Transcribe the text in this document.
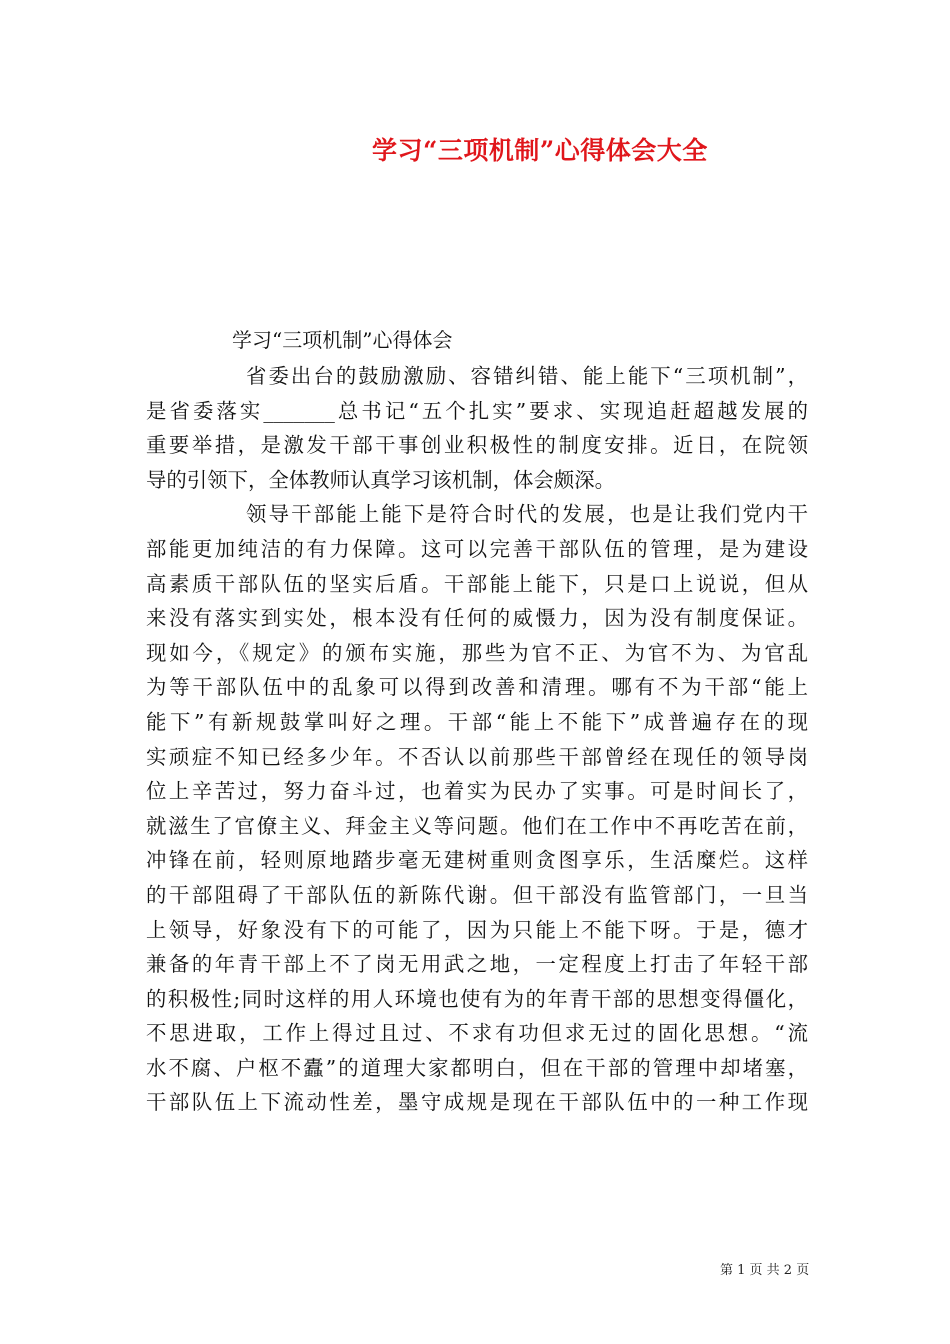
学习“三项机制”心得体会大全
学习“三项机制”心得体会
省委出台的鼓励激励、容错纠错、能上能下“三项机制”，
是省委落实_______总书记“五个扎实”要求、实现追赶超越发展的
重要举措，是激发干部干事创业积极性的制度安排。近日，在院领
导的引领下，全体教师认真学习该机制，体会颇深。
领导干部能上能下是符合时代的发展，也是让我们党内干
部能更加纯洁的有力保障。这可以完善干部队伍的管理，是为建设
高素质干部队伍的坚实后盾。干部能上能下，只是口上说说，但从
来没有落实到实处，根本没有任何的威慑力，因为没有制度保证。
现如今，《规定》的颁布实施，那些为官不正、为官不为、为官乱
为等干部队伍中的乱象可以得到改善和清理。哪有不为干部“能上
能下”有新规鼓掌叫好之理。干部“能上不能下”成普遍存在的现
实顽症不知已经多少年。不否认以前那些干部曾经在现任的领导岗
位上辛苦过，努力奋斗过，也着实为民办了实事。可是时间长了，
就滋生了官僚主义、拜金主义等问题。他们在工作中不再吃苦在前，
冲锋在前，轻则原地踏步毫无建树重则贪图享乐，生活糜烂。这样
的干部阻碍了干部队伍的新陈代谢。但干部没有监管部门，一旦当
上领导，好象没有下的可能了，因为只能上不能下呀。于是，德才
兼备的年青干部上不了岗无用武之地，一定程度上打击了年轻干部
的积极性;同时这样的用人环境也使有为的年青干部的思想变得僵化，
不思进取，工作上得过且过、不求有功但求无过的固化思想。“流
水不腐、户枢不蠹”的道理大家都明白，但在干部的管理中却堵塞，
干部队伍上下流动性差，墨守成规是现在干部队伍中的一种工作现
第 1 页 共 2 页
